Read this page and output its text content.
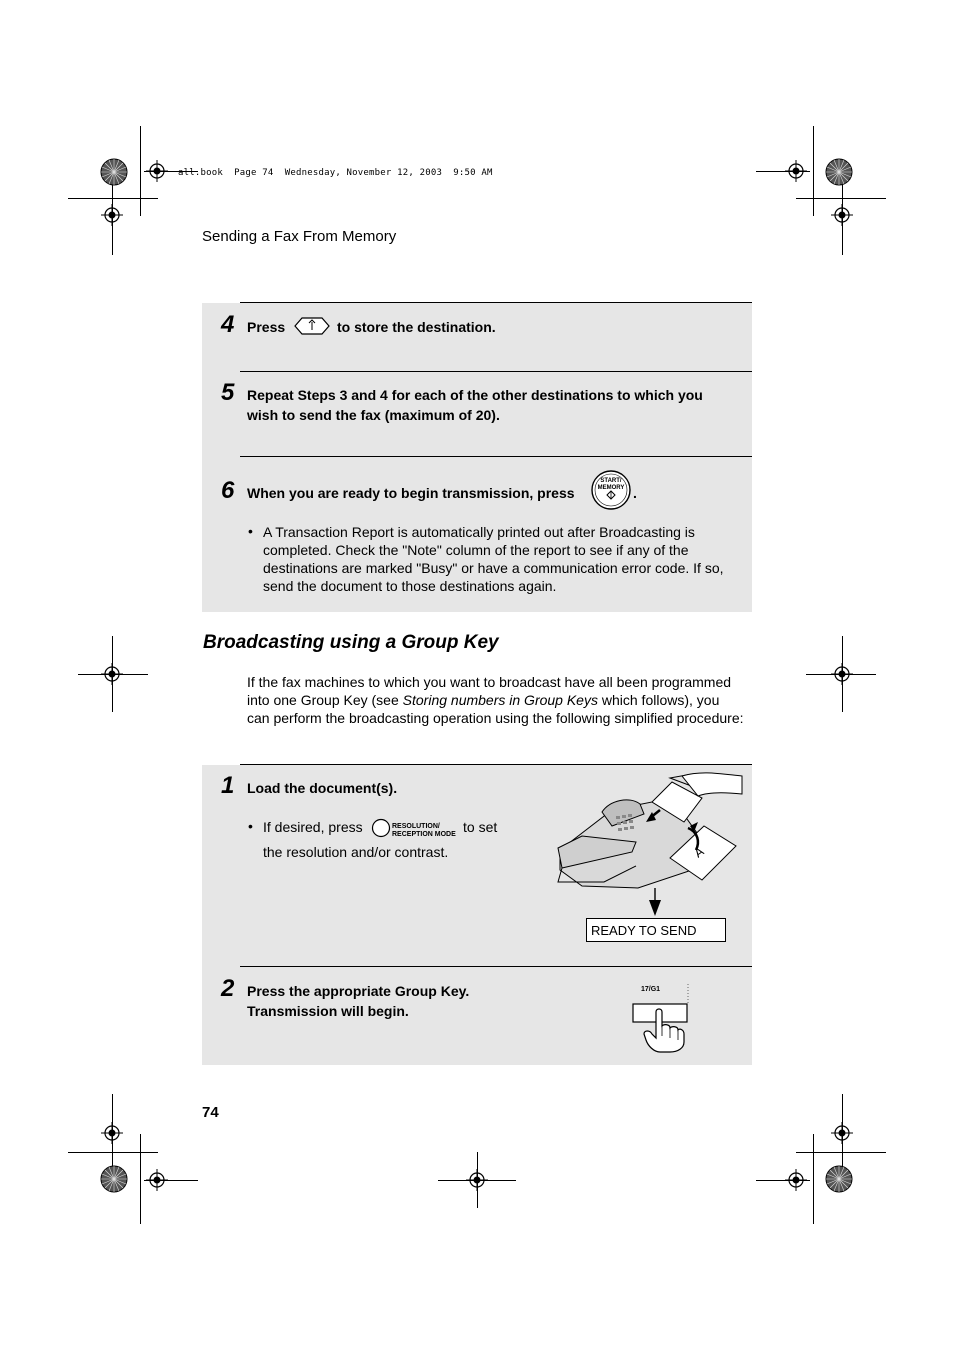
all.book  Page 74  Wednesday, November 12, 2003  9:50 AM
Sending a Fax From Memory
4 Press	to store the destination.
5 Repeat Steps 3 and 4 for each of the other destinations to which you wish to send the fax (maximum of 20).
6 When you are ready to begin transmission, press
START/ MEMORY .
• A Transaction Report is automatically printed out after Broadcasting is completed. Check the "Note" column of the report to see if any of the destinations are marked "Busy" or have a communication error code. If so, send the document to those destinations again.
Broadcasting using a Group Key
If the fax machines to which you want to broadcast have all been programmed into one Group Key (see Storing numbers in Group Keys which follows), you can perform the broadcasting operation using the following simplified procedure:
1 Load the document(s).
• If desired, press	RESOLUTION/
RECEPTION MODE to set
the resolution and/or contrast.	A
READY TO SEND
2 Press the appropriate Group Key.
Transmission will begin.
17/G1
74
